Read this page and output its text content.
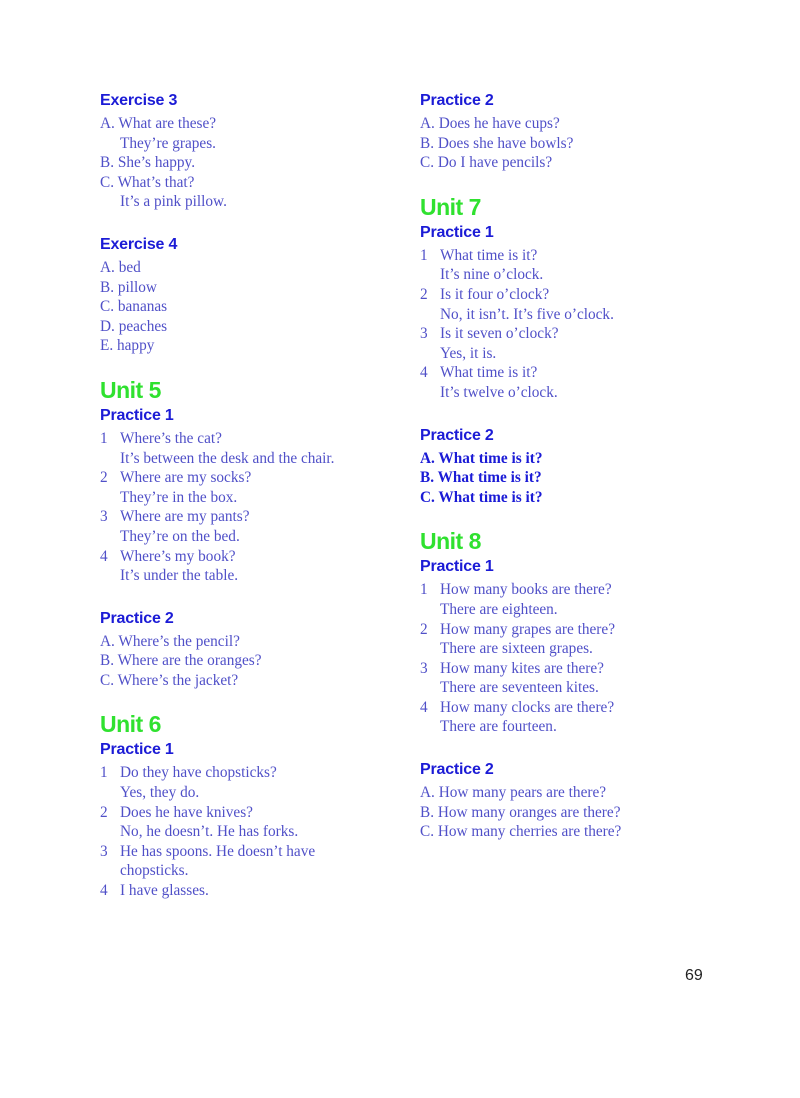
Exercise 3
A. What are these?
They’re grapes.
B. She’s happy.
C. What’s that?
It’s a pink pillow.
Exercise 4
A. bed
B. pillow
C. bananas
D. peaches
E. happy
Unit 5
Practice 1
1 Where’s the cat?
It’s between the desk and the chair.
2 Where are my socks?
They’re in the box.
3 Where are my pants?
They’re on the bed.
4 Where’s my book?
It’s under the table.
Practice 2
A. Where’s the pencil?
B. Where are the oranges?
C. Where’s the jacket?
Unit 6
Practice 1
1 Do they have chopsticks?
Yes, they do.
2 Does he have knives?
No, he doesn’t. He has forks.
3 He has spoons. He doesn’t have
chopsticks.
4 I have glasses.
Practice 2
A. Does he have cups?
B. Does she have bowls?
C. Do I have pencils?
Unit 7
Practice 1
1 What time is it?
It’s nine o’clock.
2 Is it four o’clock?
No, it isn’t. It’s five o’clock.
3 Is it seven o’clock?
Yes, it is.
4 What time is it?
It’s twelve o’clock.
Practice 2
A. What time is it?
B. What time is it?
C. What time is it?
Unit 8
Practice 1
1 How many books are there?
There are eighteen.
2 How many grapes are there?
There are sixteen grapes.
3 How many kites are there?
There are seventeen kites.
4 How many clocks are there?
There are fourteen.
Practice 2
A. How many pears are there?
B. How many oranges are there?
C. How many cherries are there?
69
